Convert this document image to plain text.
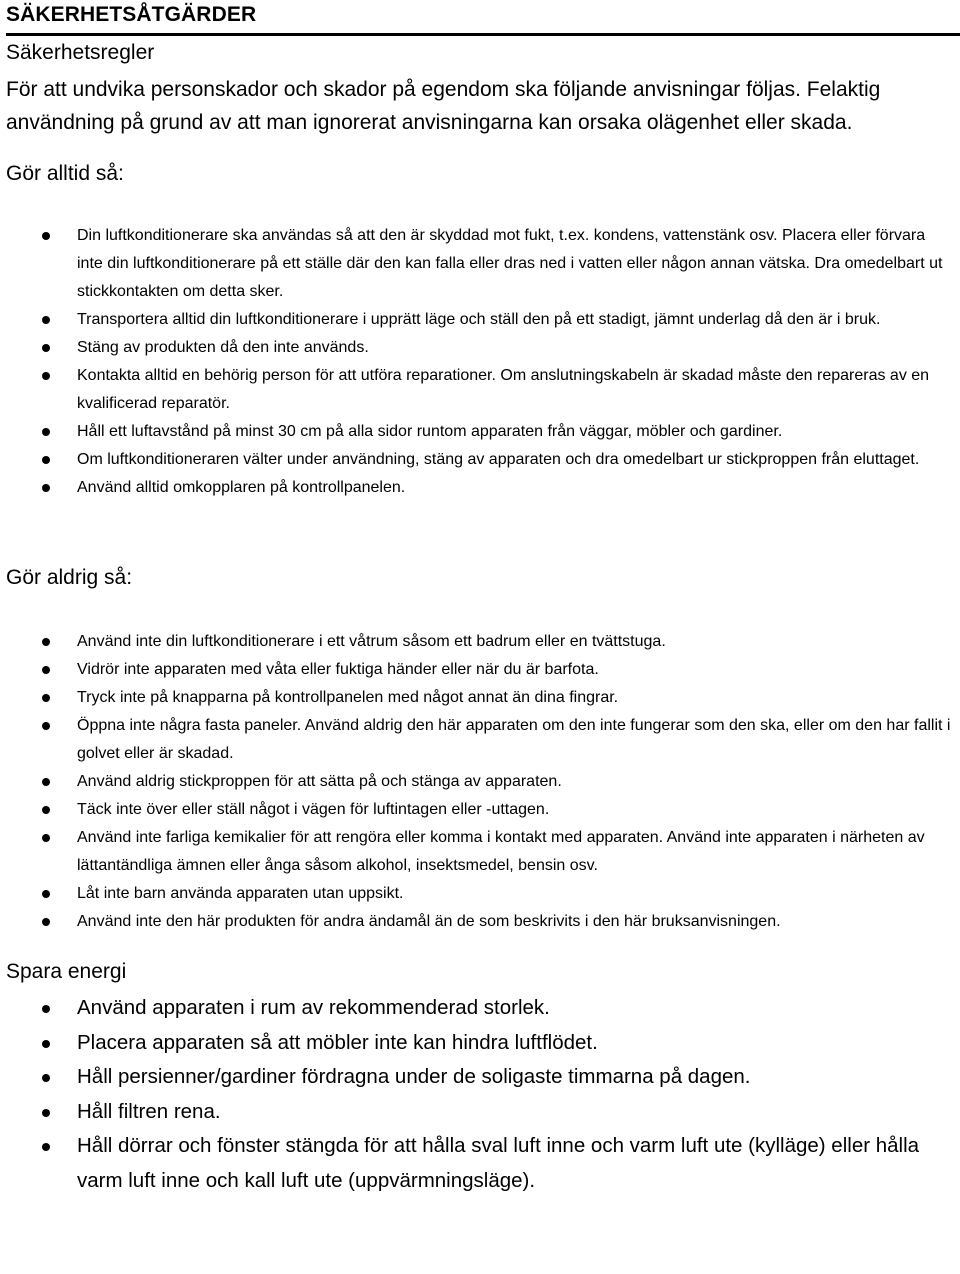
SÄKERHETSÅTGÄRDER
Säkerhetsregler

För att undvika personskador och skador på egendom ska följande anvisningar följas. Felaktig användning på grund av att man ignorerat anvisningarna kan orsaka olägenhet eller skada.

Gör alltid så:
Din luftkonditionerare ska användas så att den är skyddad mot fukt, t.ex. kondens, vattenstänk osv. Placera eller förvara inte din luftkonditionerare på ett ställe där den kan falla eller dras ned i vatten eller någon annan vätska. Dra omedelbart ut stickkontakten om detta sker.
Transportera alltid din luftkonditionerare i upprätt läge och ställ den på ett stadigt, jämnt underlag då den är i bruk.
Stäng av produkten då den inte används.
Kontakta alltid en behörig person för att utföra reparationer. Om anslutningskabeln är skadad måste den repareras av en kvalificerad reparatör.
Håll ett luftavstånd på minst 30 cm på alla sidor runtom apparaten från väggar, möbler och gardiner.
Om luftkonditioneraren välter under användning, stäng av apparaten och dra omedelbart ur stickproppen från eluttaget.
Använd alltid omkopplaren på kontrollpanelen.
Gör aldrig så:
Använd inte din luftkonditionerare i ett våtrum såsom ett badrum eller en tvättstuga.
Vidrör inte apparaten med våta eller fuktiga händer eller när du är barfota.
Tryck inte på knapparna på kontrollpanelen med något annat än dina fingrar.
Öppna inte några fasta paneler. Använd aldrig den här apparaten om den inte fungerar som den ska, eller om den har fallit i golvet eller är skadad.
Använd aldrig stickproppen för att sätta på och stänga av apparaten.
Täck inte över eller ställ något i vägen för luftintagen eller -uttagen.
Använd inte farliga kemikalier för att rengöra eller komma i kontakt med apparaten. Använd inte apparaten i närheten av lättantändliga ämnen eller ånga såsom alkohol, insektsmedel, bensin osv.
Låt inte barn använda apparaten utan uppsikt.
Använd inte den här produkten för andra ändamål än de som beskrivits i den här bruksanvisningen.
Spara energi
Använd apparaten i rum av rekommenderad storlek.
Placera apparaten så att möbler inte kan hindra luftflödet.
Håll persienner/gardiner fördragna under de soligaste timmarna på dagen.
Håll filtren rena.
Håll dörrar och fönster stängda för att hålla sval luft inne och varm luft ute (kylläge) eller hålla varm luft inne och kall luft ute (uppvärmningsläge).
